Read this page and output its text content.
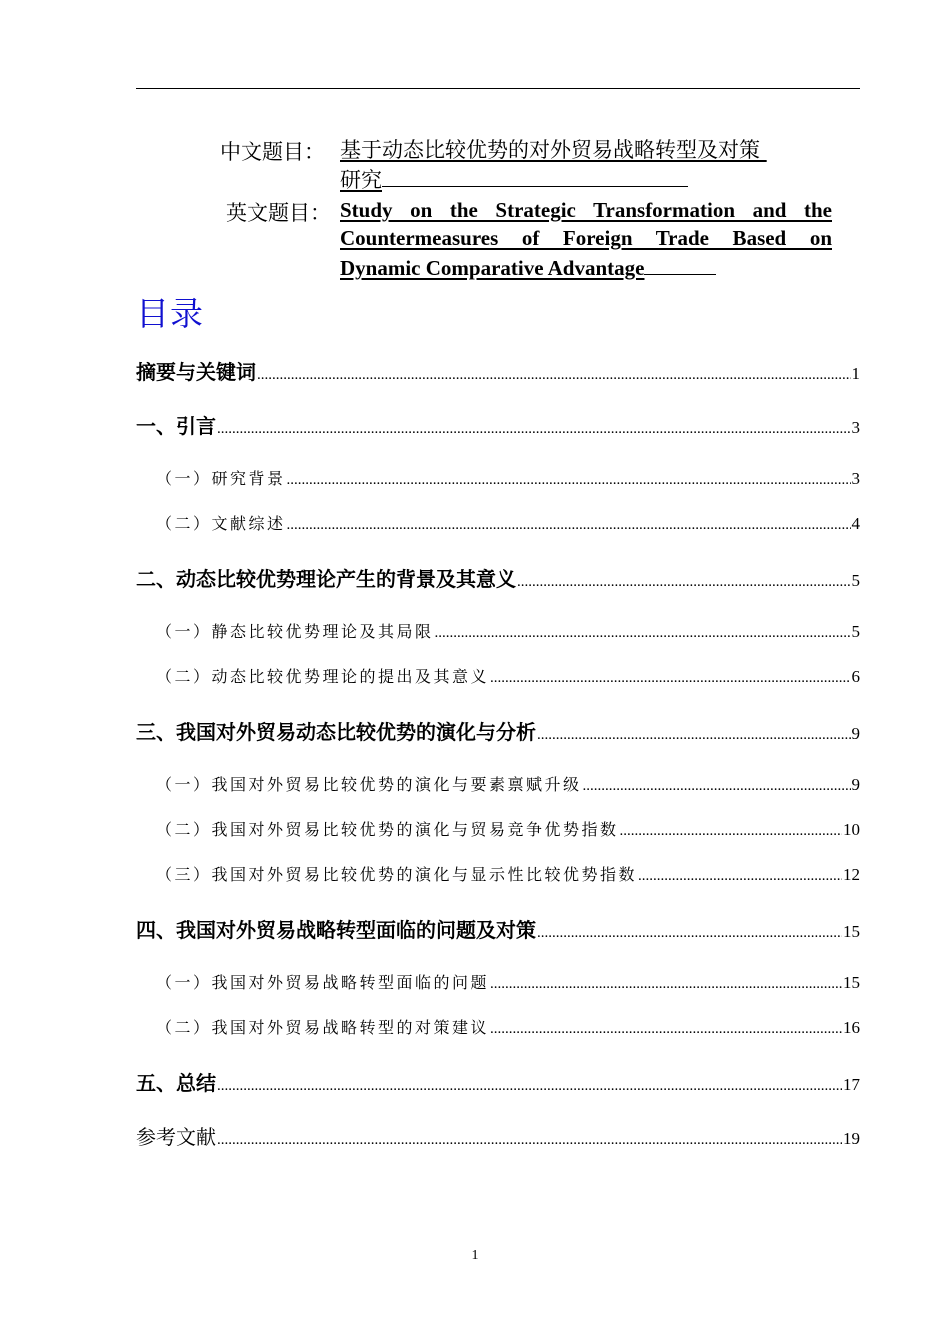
中文题目： 基于动态比较优势的对外贸易战略转型及对策
研究
英文题目： Study on the Strategic Transformation and the
Countermeasures of Foreign Trade Based on
Dynamic Comparative Advantage
目录
摘要与关键词 .....	1
一、引言 .....	3
（一）研究背景 .....	3
（二）文献综述 .....	4
二、动态比较优势理论产生的背景及其意义 .....	5
（一）静态比较优势理论及其局限 .....	5
（二）动态比较优势理论的提出及其意义 .....	6
三、我国对外贸易动态比较优势的演化与分析 .....	9
（一）我国对外贸易比较优势的演化与要素禀赋升级 .....	9
（二）我国对外贸易比较优势的演化与贸易竞争优势指数 .....	10
（三）我国对外贸易比较优势的演化与显示性比较优势指数 .....	12
四、我国对外贸易战略转型面临的问题及对策 .....	15
（一）我国对外贸易战略转型面临的问题 .....	15
（二）我国对外贸易战略转型的对策建议 .....	16
五、总结 .....	17
参考文献 .....	19
1
